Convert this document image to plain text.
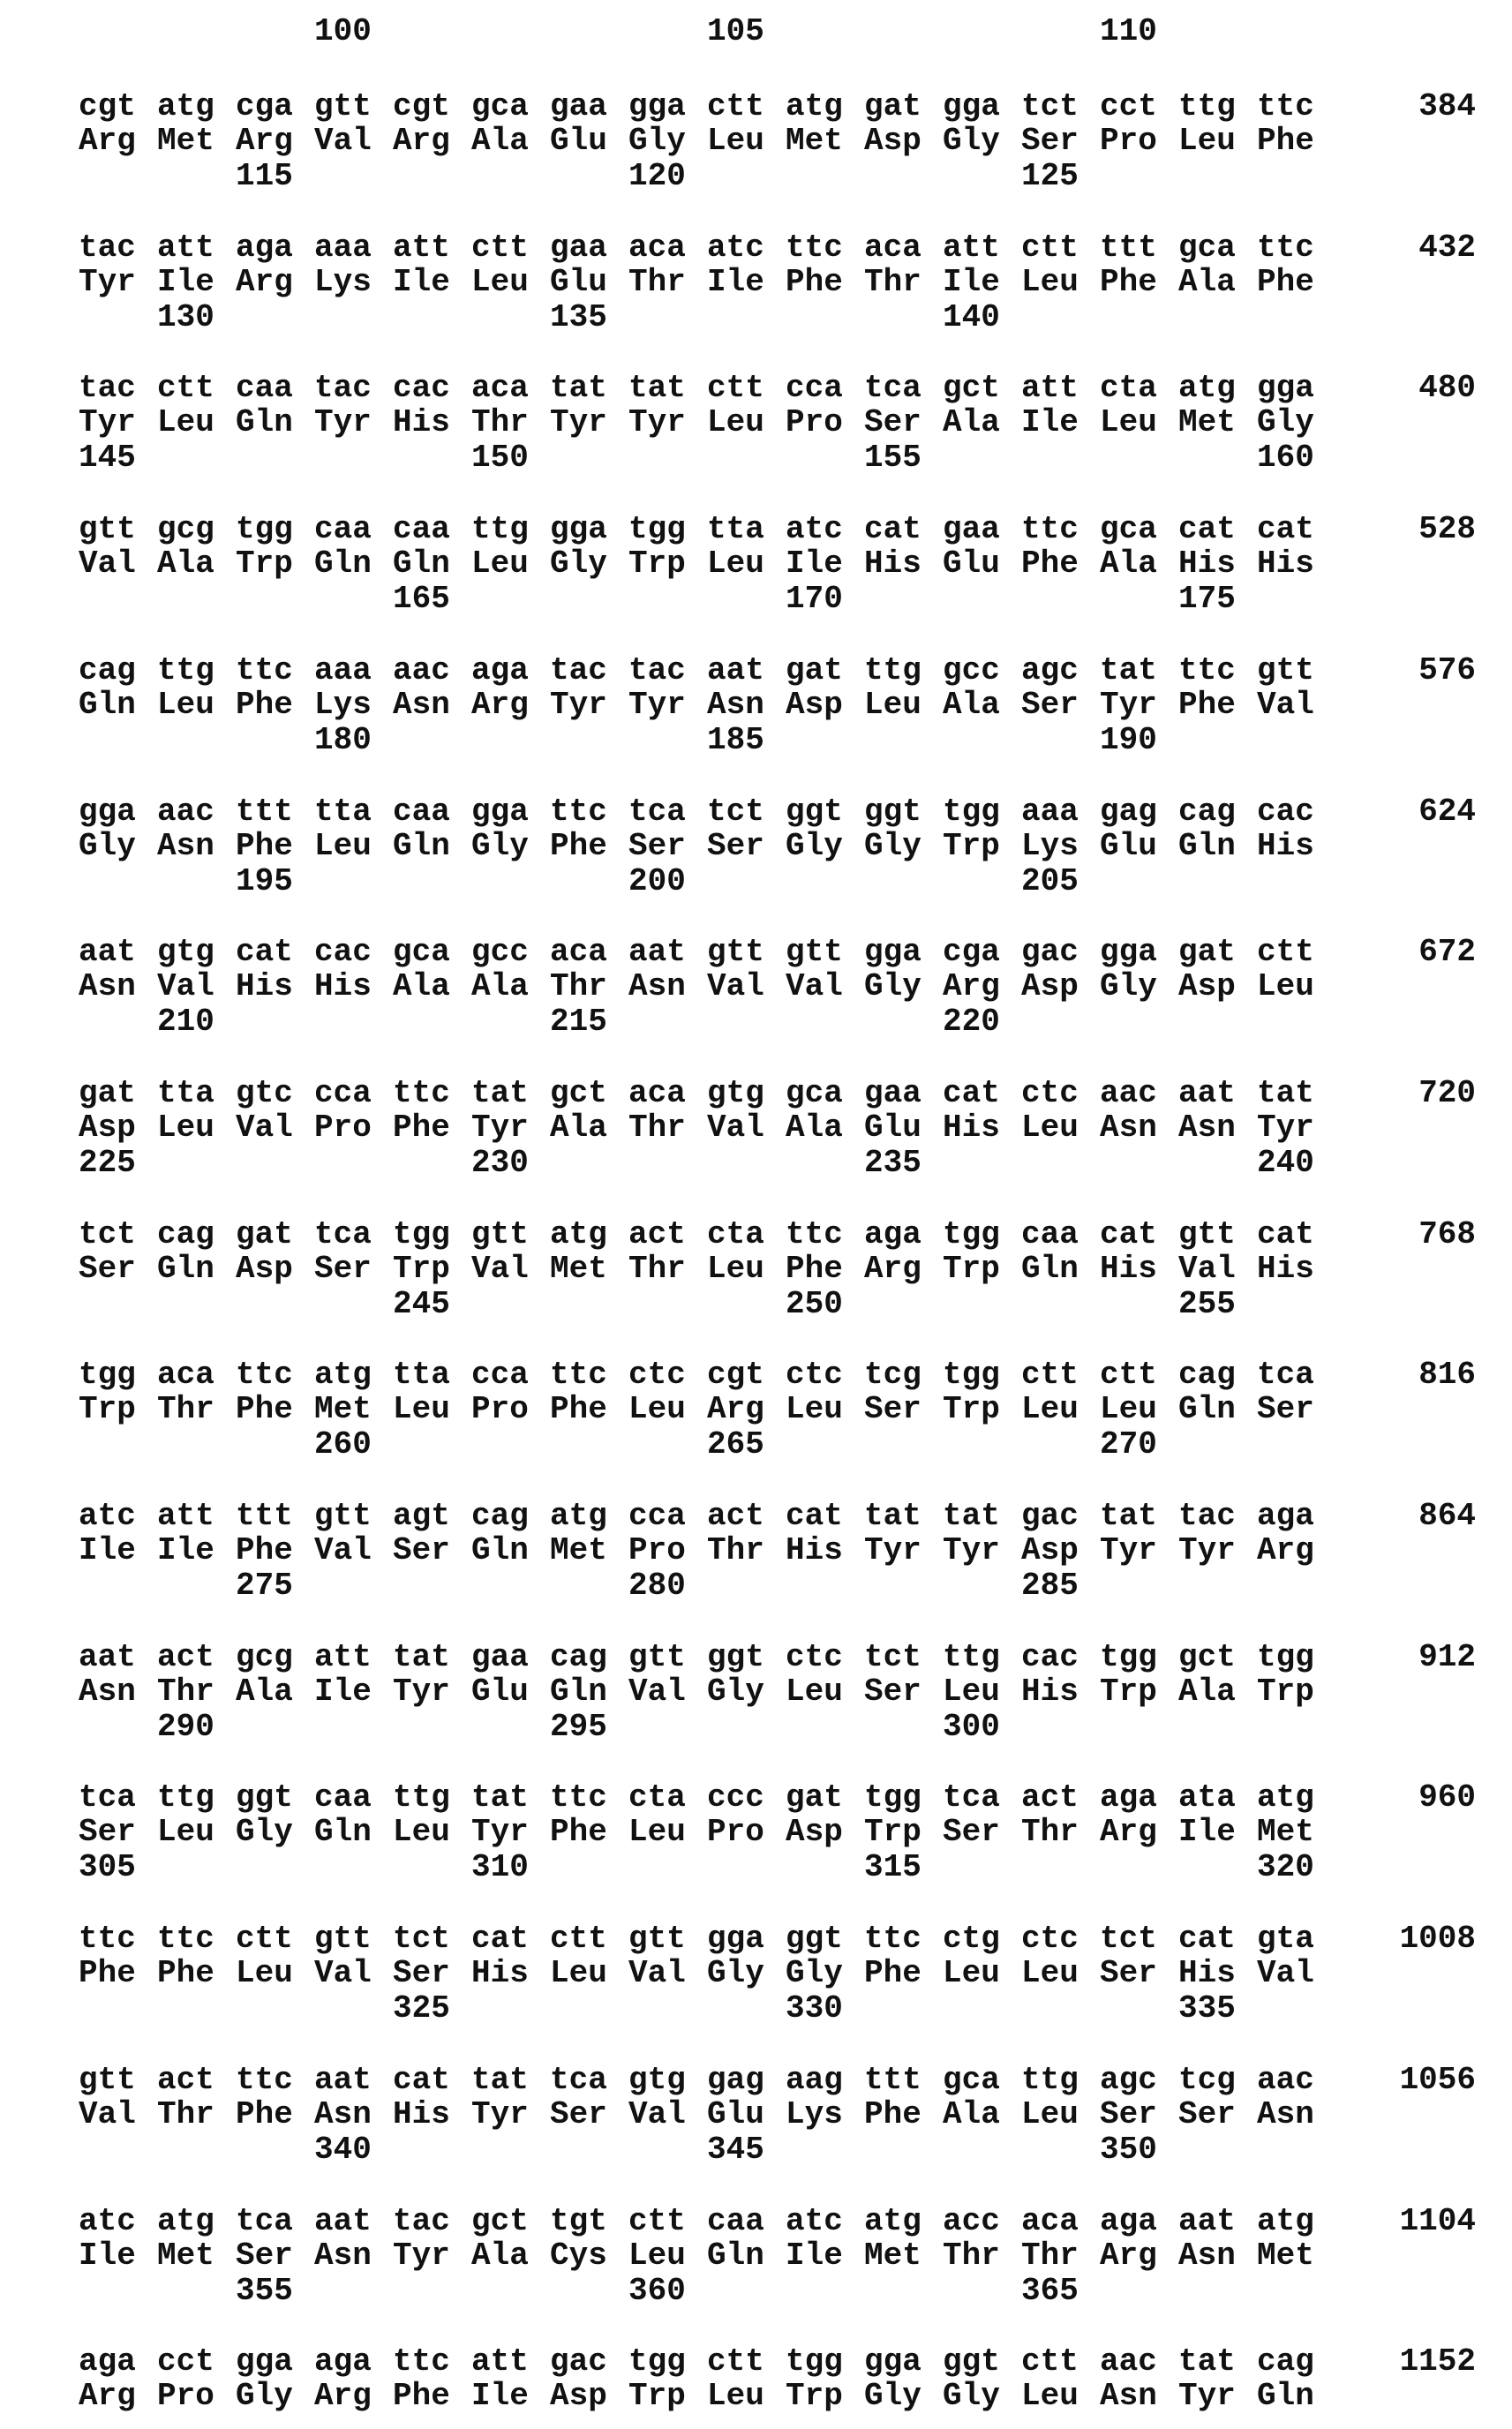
100	105	110
cgt atg cga gtt cgt gca gaa gga ctt atg gat gga tct cct ttg ttc	384
Arg Met Arg Val Arg Ala Glu Gly Leu Met Asp Gly Ser Pro Leu Phe
115	120	125
tac att aga aaa att ctt gaa aca atc ttc aca att ctt ttt gca ttc	432
Tyr Ile Arg Lys Ile Leu Glu Thr Ile Phe Thr Ile Leu Phe Ala Phe
130	135	140
tac ctt caa tac cac aca tat tat ctt cca tca gct att cta atg gga	480
Tyr Leu Gln Tyr His Thr Tyr Tyr Leu Pro Ser Ala Ile Leu Met Gly
145	150	155	160
gtt gcg tgg caa caa ttg gga tgg tta atc cat gaa ttc gca cat cat	528
Val Ala Trp Gln Gln Leu Gly Trp Leu Ile His Glu Phe Ala His His
165	170	175
cag ttg ttc aaa aac aga tac tac aat gat ttg gcc agc tat ttc gtt	576
Gln Leu Phe Lys Asn Arg Tyr Tyr Asn Asp Leu Ala Ser Tyr Phe Val
180	185	190
gga aac ttt tta caa gga ttc tca tct ggt ggt tgg aaa gag cag cac	624
Gly Asn Phe Leu Gln Gly Phe Ser Ser Gly Gly Trp Lys Glu Gln His
195	200	205
aat gtg cat cac gca gcc aca aat gtt gtt gga cga gac gga gat ctt	672
Asn Val His His Ala Ala Thr Asn Val Val Gly Arg Asp Gly Asp Leu
210	215	220
gat tta gtc cca ttc tat gct aca gtg gca gaa cat ctc aac aat tat	720
Asp Leu Val Pro Phe Tyr Ala Thr Val Ala Glu His Leu Asn Asn Tyr
225	230	235	240
tct cag gat tca tgg gtt atg act cta ttc aga tgg caa cat gtt cat	768
Ser Gln Asp Ser Trp Val Met Thr Leu Phe Arg Trp Gln His Val His
245	250	255
tgg aca ttc atg tta cca ttc ctc cgt ctc tcg tgg ctt ctt cag tca	816
Trp Thr Phe Met Leu Pro Phe Leu Arg Leu Ser Trp Leu Leu Gln Ser
260	265	270
atc att ttt gtt agt cag atg cca act cat tat tat gac tat tac aga	864
Ile Ile Phe Val Ser Gln Met Pro Thr His Tyr Tyr Asp Tyr Tyr Arg
275	280	285
aat act gcg att tat gaa cag gtt ggt ctc tct ttg cac tgg gct tgg	912
Asn Thr Ala Ile Tyr Glu Gln Val Gly Leu Ser Leu His Trp Ala Trp
290	295	300
tca ttg ggt caa ttg tat ttc cta ccc gat tgg tca act aga ata atg	960
Ser Leu Gly Gln Leu Tyr Phe Leu Pro Asp Trp Ser Thr Arg Ile Met
305	310	315	320
ttc ttc ctt gtt tct cat ctt gtt gga ggt ttc ctg ctc tct cat gta	1008
Phe Phe Leu Val Ser His Leu Val Gly Gly Phe Leu Leu Ser His Val
325	330	335
gtt act ttc aat cat tat tca gtg gag aag ttt gca ttg agc tcg aac	1056
Val Thr Phe Asn His Tyr Ser Val Glu Lys Phe Ala Leu Ser Ser Asn
340	345	350
atc atg tca aat tac gct tgt ctt caa atc atg acc aca aga aat atg	1104
Ile Met Ser Asn Tyr Ala Cys Leu Gln Ile Met Thr Thr Arg Asn Met
355	360	365
aga cct gga aga ttc att gac tgg ctt tgg gga ggt ctt aac tat cag	1152
Arg Pro Gly Arg Phe Ile Asp Trp Leu Trp Gly Gly Leu Asn Tyr Gln
